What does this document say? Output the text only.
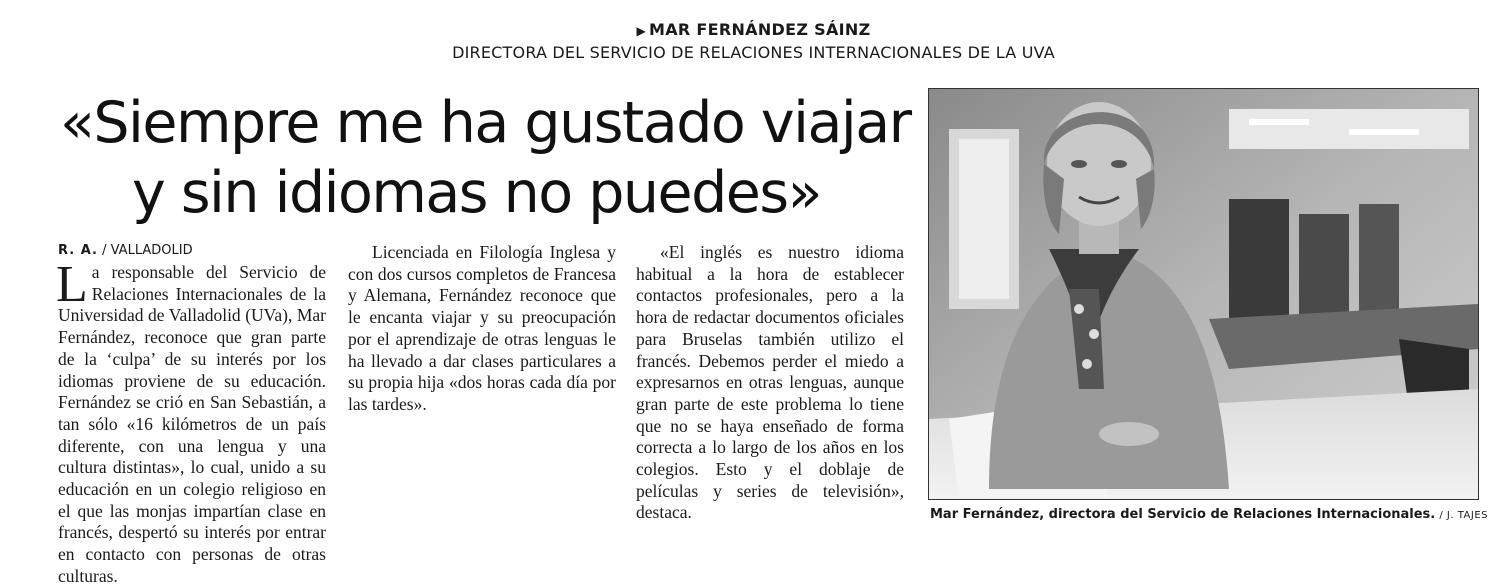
▶ MAR FERNÁNDEZ SÁINZ
DIRECTORA DEL SERVICIO DE RELACIONES INTERNACIONALES DE LA UVA
«Siempre me ha gustado viajar
y sin idiomas no puedes»
R. A. / VALLADOLID

La responsable del Servicio de Relaciones Internacionales de la Universidad de Valladolid (UVa), Mar Fernández, reconoce que gran parte de la ‘culpa’ de su interés por los idiomas proviene de su educación. Fernández se crió en San Sebastián, a tan sólo «16 kilómetros de un país diferente, con una lengua y una cultura distintas», lo cual, unido a su educación en un colegio religioso en el que las monjas impartían clase en francés, despertó su interés por entrar en contacto con personas de otras culturas.

Licenciada en Filología Inglesa y con dos cursos completos de Francesa y Alemana, Fernández reconoce que le encanta viajar y su preocupación por el aprendizaje de otras lenguas le ha llevado a dar clases particulares a su propia hija «dos horas cada día por las tardes».

«El inglés es nuestro idioma habitual a la hora de establecer contactos profesionales, pero a la hora de redactar documentos oficiales para Bruselas también utilizo el francés. Debemos perder el miedo a expresarnos en otras lenguas, aunque gran parte de este problema lo tiene que no se haya enseñado de forma correcta a lo largo de los años en los colegios. Esto y el doblaje de películas y series de televisión», destaca.	Mar Fernández, directora del Servicio de Relaciones Internacionales. / J. TAJES
